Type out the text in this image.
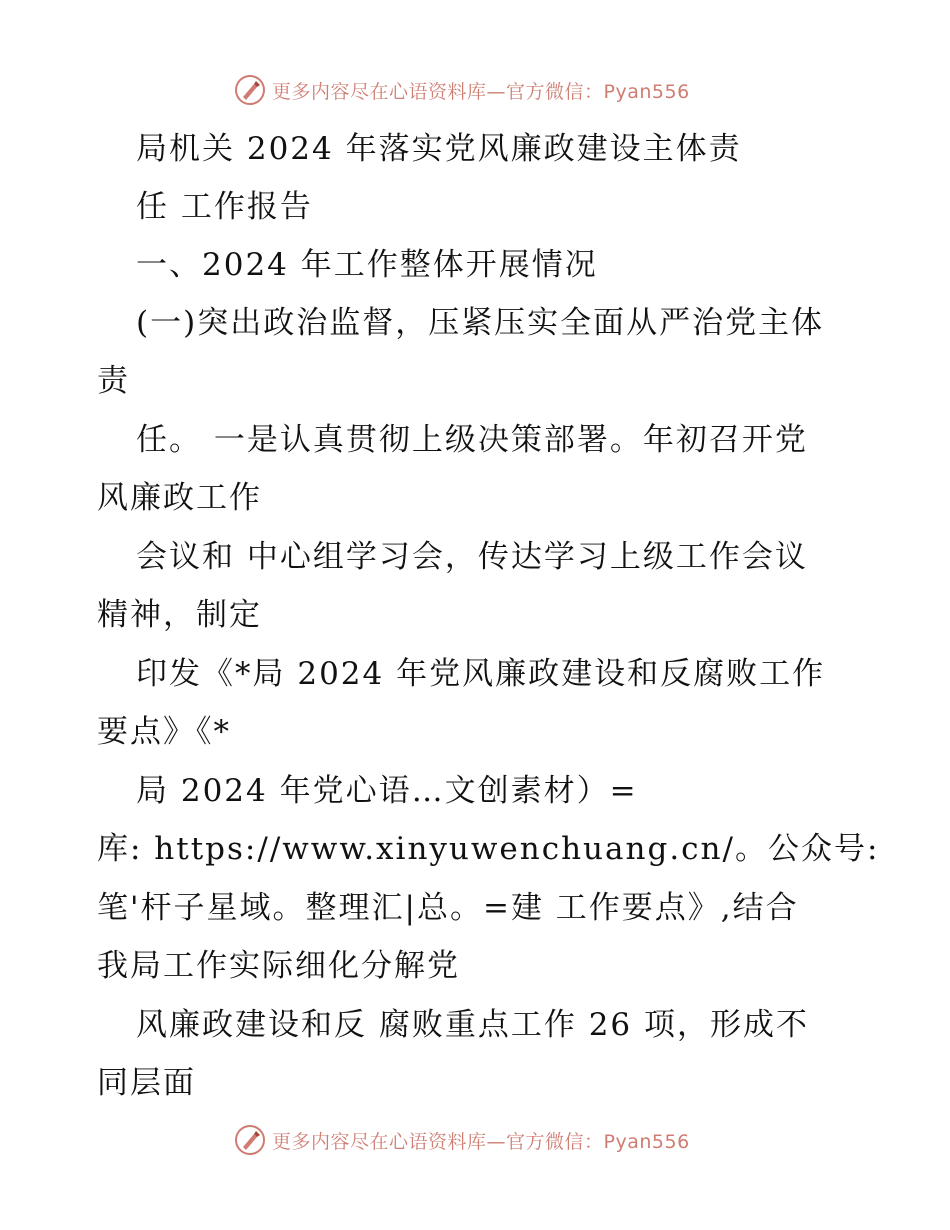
更多内容尽在心语资料库—官方微信：Pyan556
局机关 2024 年落实党风廉政建设主体责
任 工作报告
一、2024 年工作整体开展情况
(一)突出政治监督，压紧压实全面从严治党主体
责
任。 一是认真贯彻上级决策部署。年初召开党
风廉政工作
会议和 中心组学习会，传达学习上级工作会议
精神，制定
印发《*局 2024 年党风廉政建设和反腐败工作
要点》《*
局 2024 年党心语…文创素材）=
库: https://www.xinyuwenchuang.cn/。公众号:
笔'杆子星域。整理汇|总。=建 工作要点》,结合
我局工作实际细化分解党
风廉政建设和反 腐败重点工作 26 项，形成不
同层面
更多内容尽在心语资料库—官方微信：Pyan556
